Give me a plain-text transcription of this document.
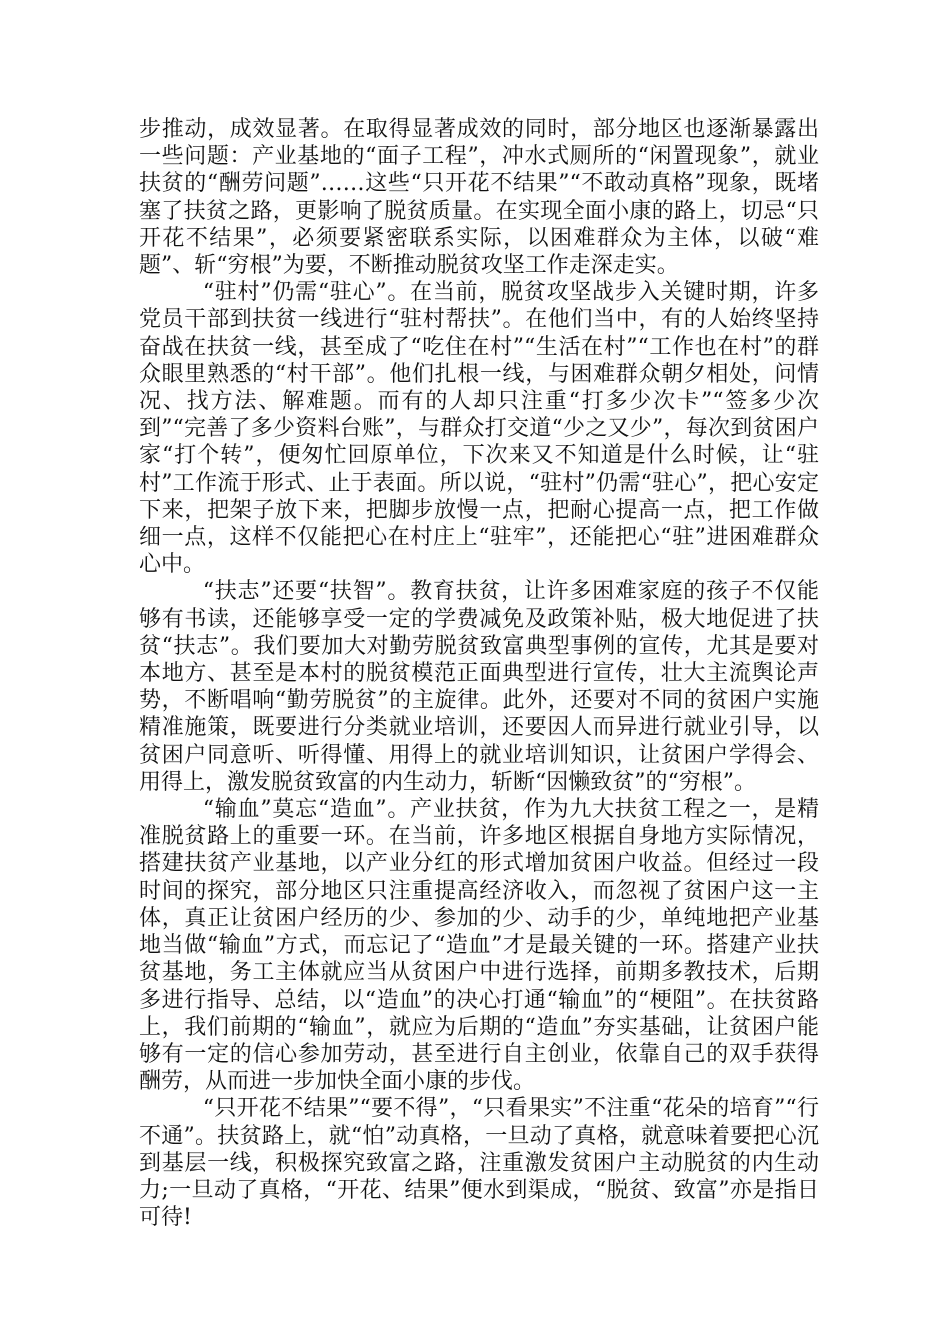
步推动，成效显著。在取得显著成效的同时，部分地区也逐渐暴露出一些问题：产业基地的“面子工程”，冲水式厕所的“闲置现象”，就业扶贫的“酬劳问题”……这些“只开花不结果”“不敢动真格”现象，既堵塞了扶贫之路，更影响了脱贫质量。在实现全面小康的路上，切忌“只开花不结果”，必须要紧密联系实际，以困难群众为主体，以破“难题”、斩“穷根”为要，不断推动脱贫攻坚工作走深走实。

“驻村”仍需“驻心”。在当前，脱贫攻坚战步入关键时期，许多党员干部到扶贫一线进行“驻村帮扶”。在他们当中，有的人始终坚持奋战在扶贫一线，甚至成了“吃住在村”“生活在村”“工作也在村”的群众眼里熟悉的“村干部”。他们扎根一线，与困难群众朝夕相处，问情况、找方法、解难题。而有的人却只注重“打多少次卡”“签多少次到”“完善了多少资料台账”，与群众打交道“少之又少”，每次到贫困户家“打个转”，便匆忙回原单位，下次来又不知道是什么时候，让“驻村”工作流于形式、止于表面。所以说，“驻村”仍需“驻心”，把心安定下来，把架子放下来，把脚步放慢一点，把耐心提高一点，把工作做细一点，这样不仅能把心在村庄上“驻牢”，还能把心“驻”进困难群众心中。

“扶志”还要“扶智”。教育扶贫，让许多困难家庭的孩子不仅能够有书读，还能够享受一定的学费减免及政策补贴，极大地促进了扶贫“扶志”。我们要加大对勤劳脱贫致富典型事例的宣传，尤其是要对本地方、甚至是本村的脱贫模范正面典型进行宣传，壮大主流舆论声势，不断唱响“勤劳脱贫”的主旋律。此外，还要对不同的贫困户实施精准施策，既要进行分类就业培训，还要因人而异进行就业引导，以贫困户同意听、听得懂、用得上的就业培训知识，让贫困户学得会、用得上，激发脱贫致富的内生动力，斩断“因懒致贫”的“穷根”。

“输血”莫忘“造血”。产业扶贫，作为九大扶贫工程之一，是精准脱贫路上的重要一环。在当前，许多地区根据自身地方实际情况，搭建扶贫产业基地，以产业分红的形式增加贫困户收益。但经过一段时间的探究，部分地区只注重提高经济收入，而忽视了贫困户这一主体，真正让贫困户经历的少、参加的少、动手的少，单纯地把产业基地当做“输血”方式，而忘记了“造血”才是最关键的一环。搭建产业扶贫基地，务工主体就应当从贫困户中进行选择，前期多教技术，后期多进行指导、总结，以“造血”的决心打通“输血”的“梗阻”。在扶贫路上，我们前期的“输血”，就应为后期的“造血”夯实基础，让贫困户能够有一定的信心参加劳动，甚至进行自主创业，依靠自己的双手获得酬劳，从而进一步加快全面小康的步伐。

“只开花不结果”“要不得”，“只看果实”不注重“花朵的培育”“行不通”。扶贫路上，就“怕”动真格，一旦动了真格，就意味着要把心沉到基层一线，积极探究致富之路，注重激发贫困户主动脱贫的内生动力;一旦动了真格，“开花、结果”便水到渠成，“脱贫、致富”亦是指日可待!
